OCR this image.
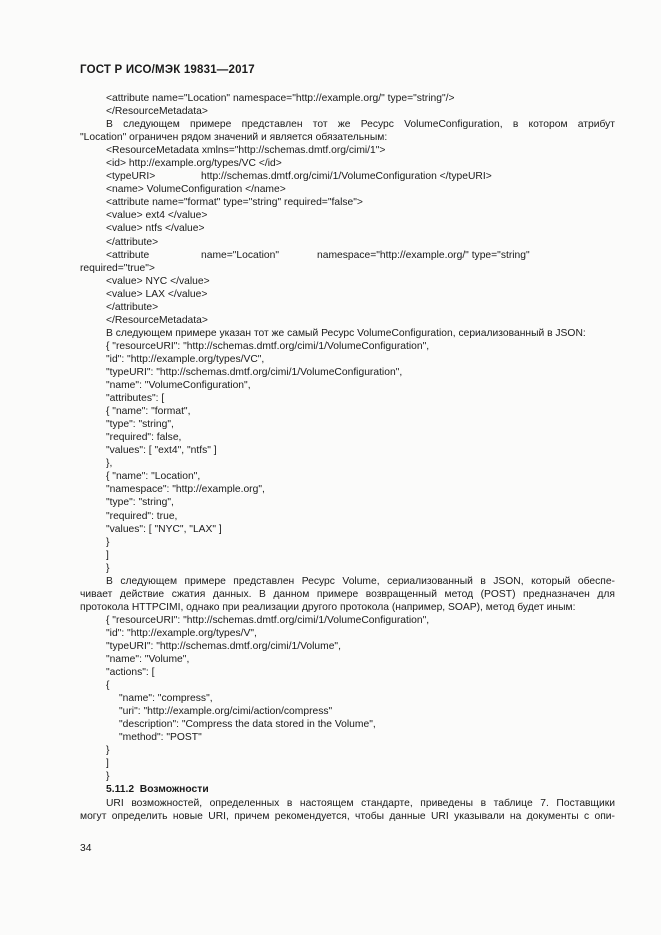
ГОСТ Р ИСО/МЭК 19831—2017
<attribute name="Location" namespace="http://example.org/" type="string"/>
</ResourceMetadata>
В следующем примере представлен тот же Ресурс VolumeConfiguration, в котором атрибут
"Location" ограничен рядом значений и является обязательным:
<ResourceMetadata xmlns="http://schemas.dmtf.org/cimi/1">
<id> http://example.org/types/VC </id>
<typeURI>	http://schemas.dmtf.org/cimi/1/VolumeConfiguration </typeURI>
<name> VolumeConfiguration </name>
<attribute name="format" type="string" required="false">
<value> ext4 </value>
<value> ntfs </value>
</attribute>
<attribute	name="Location"	namespace="http://example.org/" type="string"
required="true">
<value> NYC </value>
<value> LAX </value>
</attribute>
</ResourceMetadata>
В следующем примере указан тот же самый Ресурс VolumeConfiguration, сериализованный в JSON:
{ "resourceURI": "http://schemas.dmtf.org/cimi/1/VolumeConfiguration",
"id": "http://example.org/types/VC",
"typeURI": "http://schemas.dmtf.org/cimi/1/VolumeConfiguration",
"name": "VolumeConfiguration",
"attributes": [
{ "name": "format",
"type": "string",
"required": false,
"values": [ "ext4", "ntfs" ]
},
{ "name": "Location",
"namespace": "http://example.org",
"type": "string",
"required": true,
"values": [ "NYC", "LAX" ]
}
]
}
В следующем примере представлен Ресурс Volume, сериализованный в JSON, который обеспе-
чивает действие сжатия данных. В данном примере возвращенный метод (POST) предназначен для
протокола HTTPCIMI, однако при реализации другого протокола (например, SOAP), метод будет иным:
{ "resourceURI": "http://schemas.dmtf.org/cimi/1/VolumeConfiguration",
"id": "http://example.org/types/V",
"typeURI": "http://schemas.dmtf.org/cimi/1/Volume",
"name": "Volume",
"actions": [
{
"name": "compress",
"uri": "http://example.org/cimi/action/compress"
"description": "Compress the data stored in the Volume",
"method": "POST"
}
]
}
5.11.2 Возможности
URI возможностей, определенных в настоящем стандарте, приведены в таблице 7. Поставщики
могут определить новые URI, причем рекомендуется, чтобы данные URI указывали на документы с опи-
34
